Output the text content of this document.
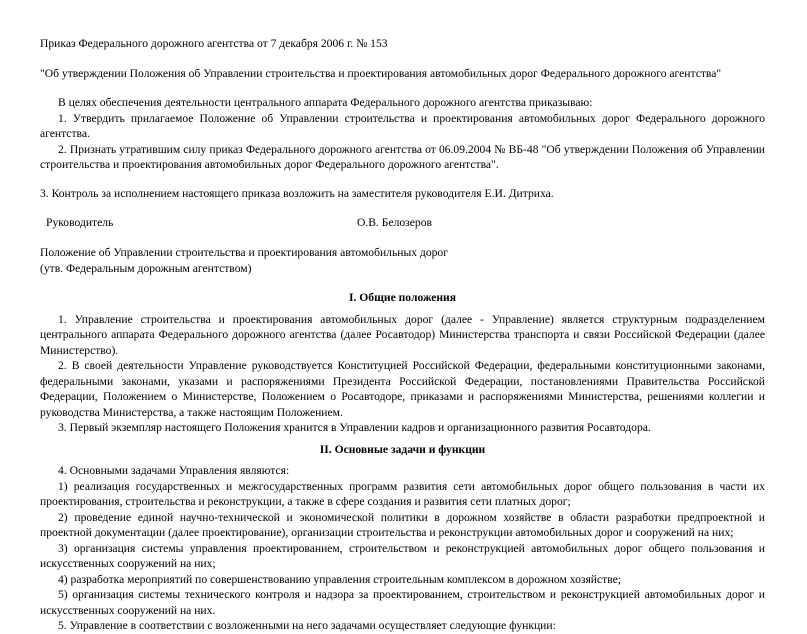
Приказ Федерального дорожного агентства от 7 декабря 2006 г. № 153

"Об утверждении Положения об Управлении строительства и проектирования автомобильных дорог Федерального дорожного агентства"

В целях обеспечения деятельности центрального аппарата Федерального дорожного агентства приказываю:

1. Утвердить прилагаемое Положение об Управлении строительства и проектирования автомобильных дорог Федерального дорожного агентства.

2. Признать утратившим силу приказ Федерального дорожного агентства от 06.09.2004 № ВБ-48 "Об утверждении Положения об Управлении строительства и проектирования автомобильных дорог Федерального дорожного агентства".

3. Контроль за исполнением настоящего приказа возложить на заместителя руководителя Е.И. Дитриха.

Руководитель	О.В. Белозеров

Положение об Управлении строительства и проектирования автомобильных дорог

(утв. Федеральным дорожным агентством)

I. Общие положения

1. Управление строительства и проектирования автомобильных дорог (далее - Управление) является структурным подразделением центрального аппарата Федерального дорожного агентства (далее Росавтодор) Министерства транспорта и связи Российской Федерации (далее Министерство).

2. В своей деятельности Управление руководствуется Конституцией Российской Федерации, федеральными конституционными законами, федеральными законами, указами и распоряжениями Президента Российской Федерации, постановлениями Правительства Российской Федерации, Положением о Министерстве, Положением о Росавтодоре, приказами и распоряжениями Министерства, решениями коллегии и руководства Министерства, а также настоящим Положением.

3. Первый экземпляр настоящего Положения хранится в Управлении кадров и организационного развития Росавтодора.

II. Основные задачи и функции

4. Основными задачами Управления являются:

1) реализация государственных и межгосударственных программ развития сети автомобильных дорог общего пользования в части их проектирования, строительства и реконструкции, а также в сфере создания и развития сети платных дорог;

2) проведение единой научно-технической и экономической политики в дорожном хозяйстве в области разработки предпроектной и проектной документации (далее проектирование), организации строительства и реконструкции автомобильных дорог и сооружений на них;

3) организация системы управления проектированием, строительством и реконструкцией автомобильных дорог общего пользования и искусственных сооружений на них;

4) разработка мероприятий по совершенствованию управления строительным комплексом в дорожном хозяйстве;

5) организация системы технического контроля и надзора за проектированием, строительством и реконструкцией автомобильных дорог и искусственных сооружений на них.

5. Управление в соответствии с возложенными на него задачами осуществляет следующие функции:
